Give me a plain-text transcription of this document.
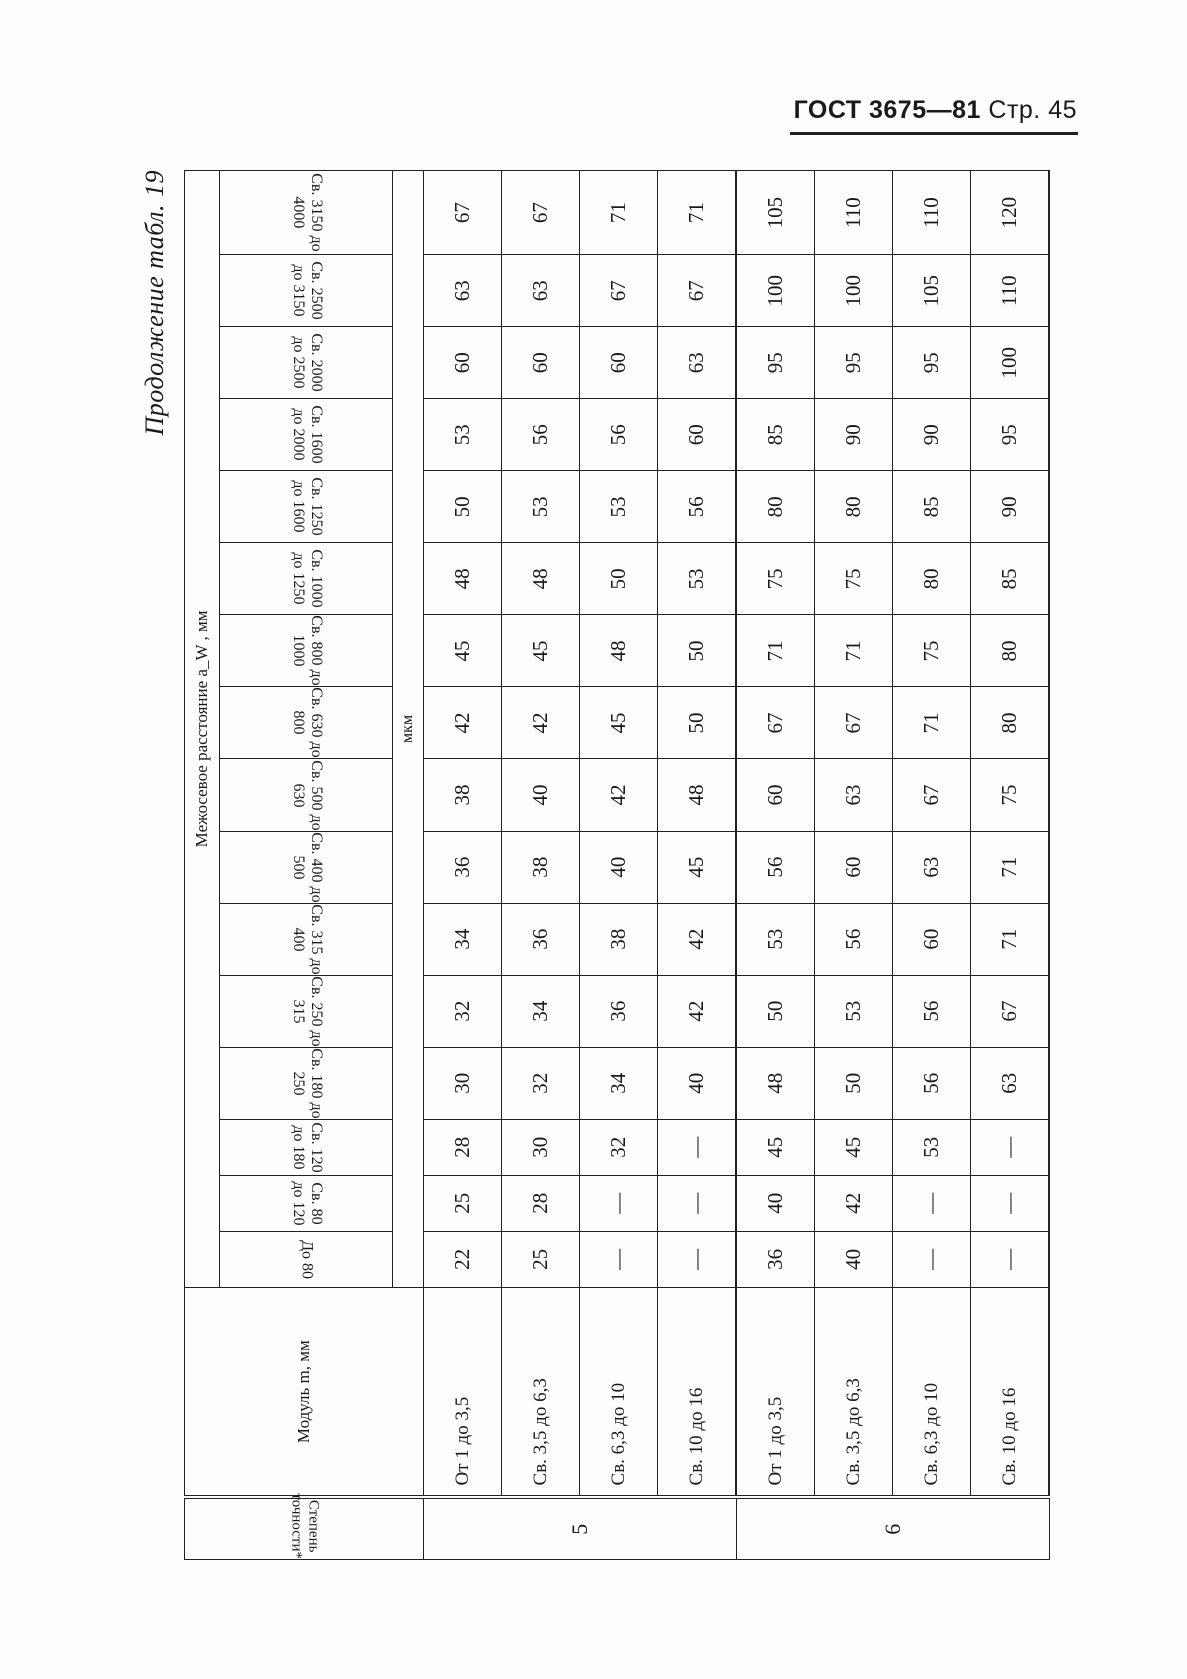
ГОСТ 3675—81 Стр. 45
Продолжение табл. 19
Степень точности*	Модуль m, мм	Межосевое расстояние a_W , мм															
		До 80	Св. 80 до 120	Св. 120 до 180	Св. 180 до 250	Св. 250 до 315	Св. 315 до 400	Св. 400 до 500	Св. 500 до 630	Св. 630 до 800	Св. 800 до 1000	Св. 1000 до 1250	Св. 1250 до 1600	Св. 1600 до 2000	Св. 2000 до 2500	Св. 2500 до 3150	Св. 3150 до 4000
		мкм															
5	От 1 до 3,5	22	25	28	30	32	34	36	38	42	45	48	50	53	60	63	67
	Св. 3,5 до 6,3	25	28	30	32	34	36	38	40	42	45	48	53	56	60	63	67
	Св. 6,3 до 10	—	—	32	34	36	38	40	42	45	48	50	53	56	60	67	71
	Св. 10 до 16	—	—	—	40	42	42	45	48	50	50	53	56	60	63	67	71
6	От 1 до 3,5	36	40	45	48	50	53	56	60	67	71	75	80	85	95	100	105
	Св. 3,5 до 6,3	40	42	45	50	53	56	60	63	67	71	75	80	90	95	100	110
	Св. 6,3 до 10	—	—	53	56	56	60	63	67	71	75	80	85	90	95	105	110
	Св. 10 до 16	—	—	—	63	67	71	71	75	80	80	85	90	95	100	110	120
